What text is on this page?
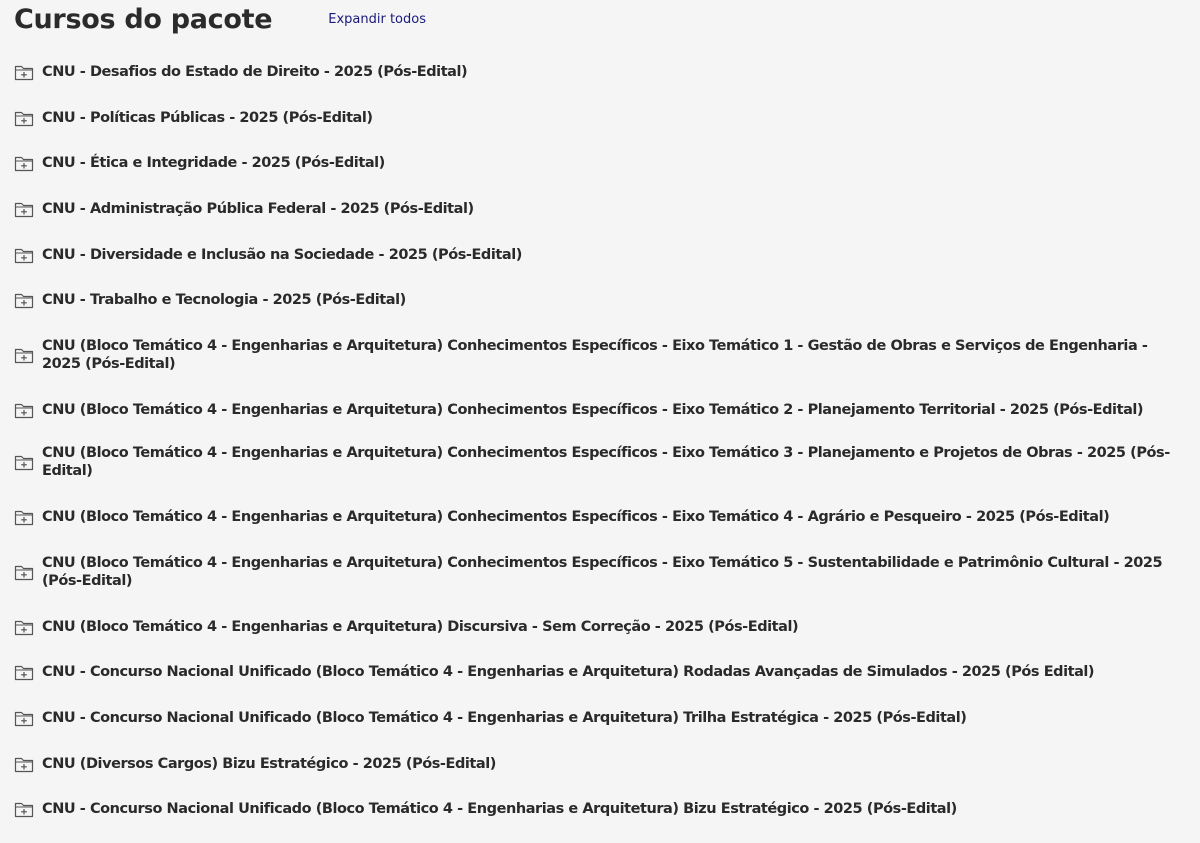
Cursos do pacote	Expandir todos
CNU - Desafios do Estado de Direito - 2025 (Pós-Edital)
CNU - Políticas Públicas - 2025 (Pós-Edital)
CNU - Ética e Integridade - 2025 (Pós-Edital)
CNU - Administração Pública Federal - 2025 (Pós-Edital)
CNU - Diversidade e Inclusão na Sociedade - 2025 (Pós-Edital)
CNU - Trabalho e Tecnologia - 2025 (Pós-Edital)
CNU (Bloco Temático 4 - Engenharias e Arquitetura) Conhecimentos Específicos - Eixo Temático 1 - Gestão de Obras e Serviços de Engenharia - 2025 (Pós-Edital)
CNU (Bloco Temático 4 - Engenharias e Arquitetura) Conhecimentos Específicos - Eixo Temático 2 - Planejamento Territorial - 2025 (Pós-Edital)
CNU (Bloco Temático 4 - Engenharias e Arquitetura) Conhecimentos Específicos - Eixo Temático 3 - Planejamento e Projetos de Obras - 2025 (Pós-Edital)
CNU (Bloco Temático 4 - Engenharias e Arquitetura) Conhecimentos Específicos - Eixo Temático 4 - Agrário e Pesqueiro - 2025 (Pós-Edital)
CNU (Bloco Temático 4 - Engenharias e Arquitetura) Conhecimentos Específicos - Eixo Temático 5 - Sustentabilidade e Patrimônio Cultural - 2025 (Pós-Edital)
CNU (Bloco Temático 4 - Engenharias e Arquitetura) Discursiva - Sem Correção - 2025 (Pós-Edital)
CNU - Concurso Nacional Unificado (Bloco Temático 4 - Engenharias e Arquitetura) Rodadas Avançadas de Simulados - 2025 (Pós Edital)
CNU - Concurso Nacional Unificado (Bloco Temático 4 - Engenharias e Arquitetura) Trilha Estratégica - 2025 (Pós-Edital)
CNU (Diversos Cargos) Bizu Estratégico - 2025 (Pós-Edital)
CNU - Concurso Nacional Unificado (Bloco Temático 4 - Engenharias e Arquitetura) Bizu Estratégico - 2025 (Pós-Edital)
